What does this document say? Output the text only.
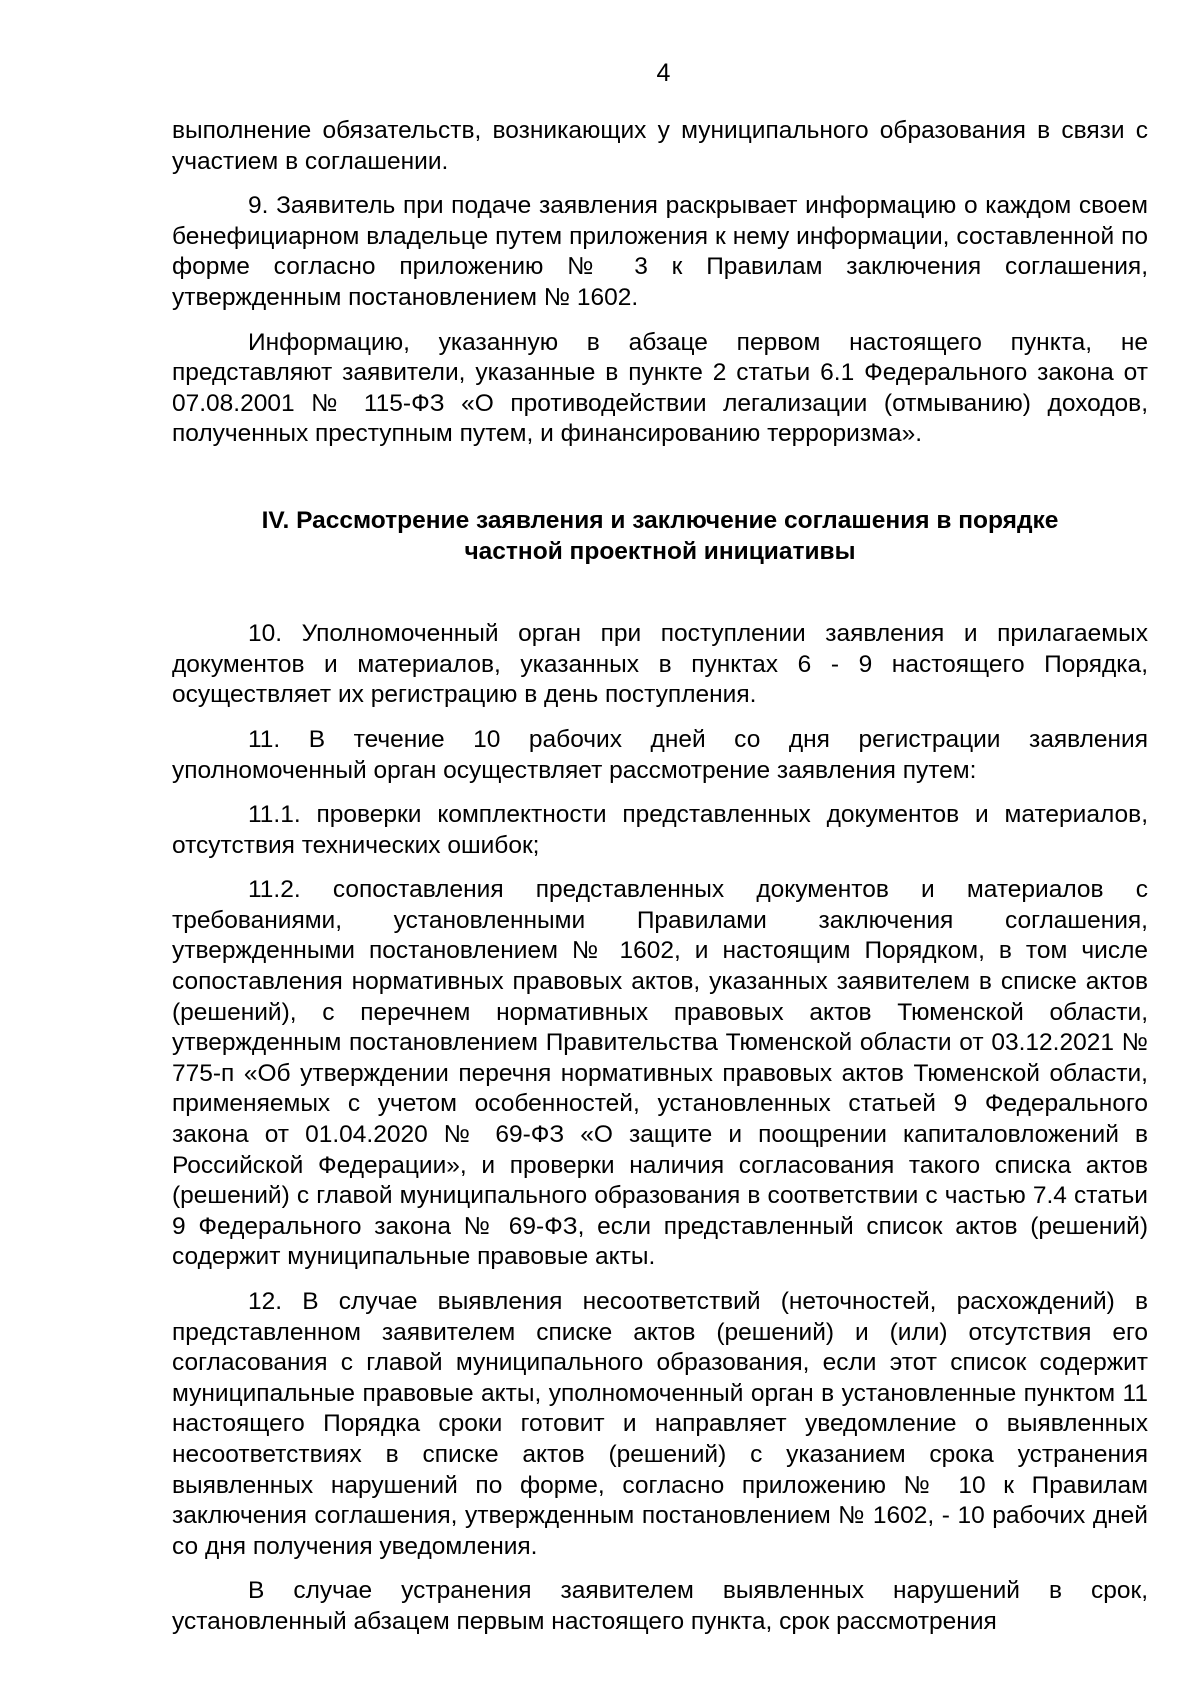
4

выполнение обязательств, возникающих у муниципального образования в связи с участием в соглашении.

9. Заявитель при подаче заявления раскрывает информацию о каждом своем бенефициарном владельце путем приложения к нему информации, составленной по форме согласно приложению № 3 к Правилам заключения соглашения, утвержденным постановлением № 1602.

Информацию, указанную в абзаце первом настоящего пункта, не представляют заявители, указанные в пункте 2 статьи 6.1 Федерального закона от 07.08.2001 № 115-ФЗ «О противодействии легализации (отмыванию) доходов, полученных преступным путем, и финансированию терроризма».

IV. Рассмотрение заявления и заключение соглашения в порядке
частной проектной инициативы

10. Уполномоченный орган при поступлении заявления и прилагаемых документов и материалов, указанных в пунктах 6 - 9 настоящего Порядка, осуществляет их регистрацию в день поступления.

11. В течение 10 рабочих дней со дня регистрации заявления уполномоченный орган осуществляет рассмотрение заявления путем:

11.1. проверки комплектности представленных документов и материалов, отсутствия технических ошибок;

11.2. сопоставления представленных документов и материалов с требованиями, установленными Правилами заключения соглашения, утвержденными постановлением № 1602, и настоящим Порядком, в том числе сопоставления нормативных правовых актов, указанных заявителем в списке актов (решений), с перечнем нормативных правовых актов Тюменской области, утвержденным постановлением Правительства Тюменской области от 03.12.2021 № 775-п «Об утверждении перечня нормативных правовых актов Тюменской области, применяемых с учетом особенностей, установленных статьей 9 Федерального закона от 01.04.2020 № 69-ФЗ «О защите и поощрении капиталовложений в Российской Федерации», и проверки наличия согласования такого списка актов (решений) с главой муниципального образования в соответствии с частью 7.4 статьи 9 Федерального закона № 69-ФЗ, если представленный список актов (решений) содержит муниципальные правовые акты.

12. В случае выявления несоответствий (неточностей, расхождений) в представленном заявителем списке актов (решений) и (или) отсутствия его согласования с главой муниципального образования, если этот список содержит муниципальные правовые акты, уполномоченный орган в установленные пунктом 11 настоящего Порядка сроки готовит и направляет уведомление о выявленных несоответствиях в списке актов (решений) с указанием срока устранения выявленных нарушений по форме, согласно приложению № 10 к Правилам заключения соглашения, утвержденным постановлением № 1602, - 10 рабочих дней со дня получения уведомления.

В случае устранения заявителем выявленных нарушений в срок, установленный абзацем первым настоящего пункта, срок рассмотрения
